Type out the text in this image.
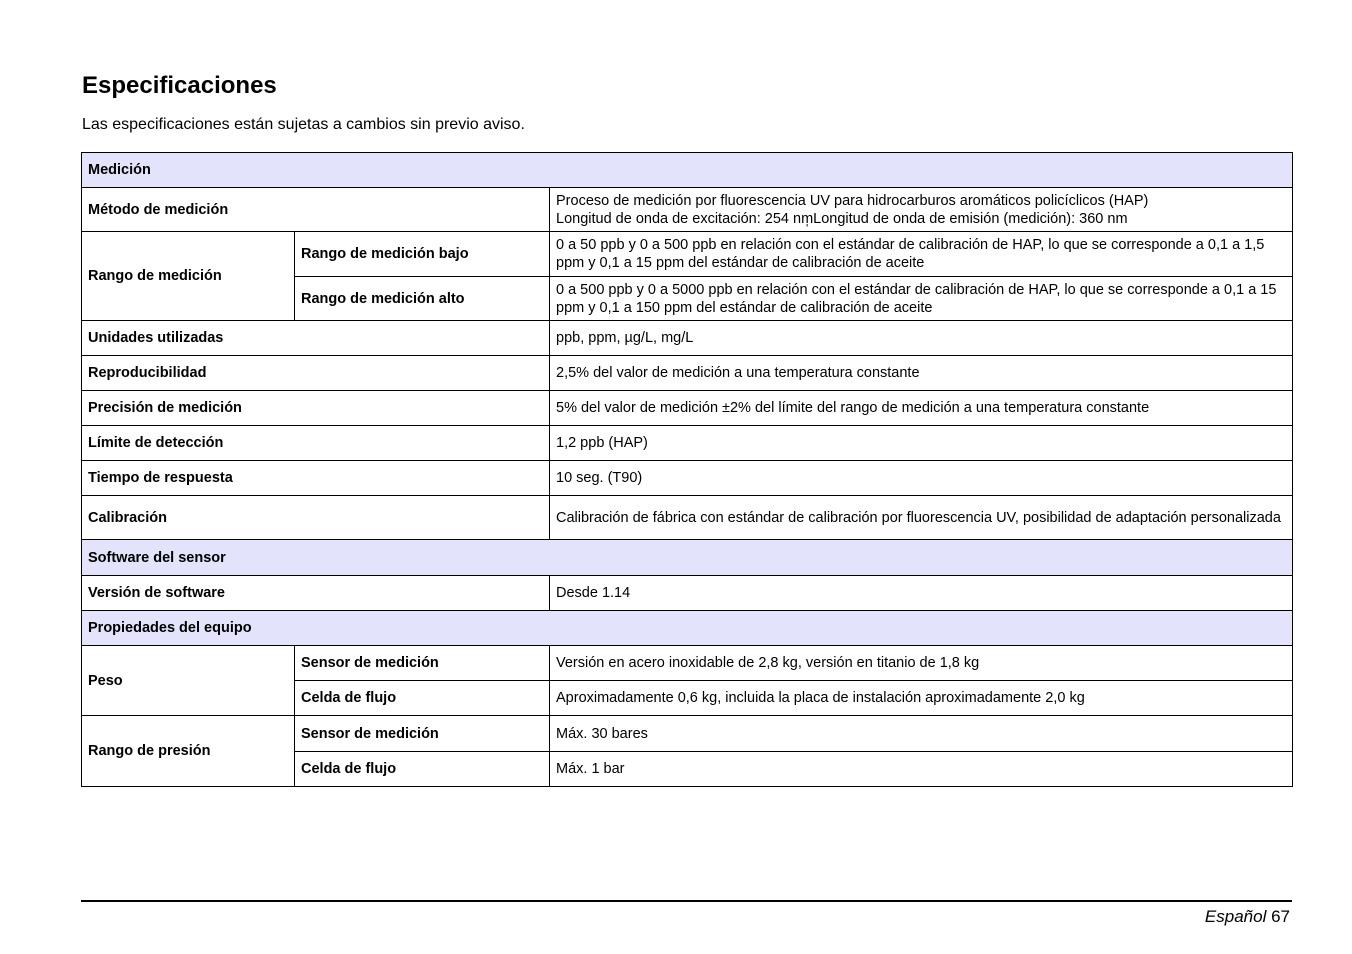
Especificaciones

Las especificaciones están sujetas a cambios sin previo aviso.

Medición		
Método de medición		Proceso de medición por fluorescencia UV para hidrocarburos aromáticos policíclicos (HAP)
Longitud de onda de excitación: 254 nm̩Longitud de onda de emisión (medición): 360 nm

Rango de medición	Rango de medición bajo	0 a 50 ppb y 0 a 500 ppb en relación con el estándar de calibración de HAP, lo que se corresponde a 0,1 a 1,5 ppm y 0,1 a 15 ppm del estándar de calibración de aceite
	Rango de medición alto	0 a 500 ppb y 0 a 5000 ppb en relación con el estándar de calibración de HAP, lo que se corresponde a 0,1 a 15 ppm y 0,1 a 150 ppm del estándar de calibración de aceite
Unidades utilizadas		ppb, ppm, µg/L, mg/L
Reproducibilidad		2,5% del valor de medición a una temperatura constante
Precisión de medición		5% del valor de medición ±2% del límite del rango de medición a una temperatura constante
Límite de detección		1,2 ppb (HAP)
Tiempo de respuesta		10 seg. (T90)
Calibración		Calibración de fábrica con estándar de calibración por fluorescencia UV, posibilidad de adaptación personalizada
Software del sensor		
Versión de software		Desde 1.14
Propiedades del equipo		
Peso	Sensor de medición	Versión en acero inoxidable de 2,8 kg, versión en titanio de 1,8 kg
	Celda de flujo	Aproximadamente 0,6 kg, incluida la placa de instalación aproximadamente 2,0 kg
Rango de presión	Sensor de medición	Máx. 30 bares
	Celda de flujo	Máx. 1 bar
Español 67
